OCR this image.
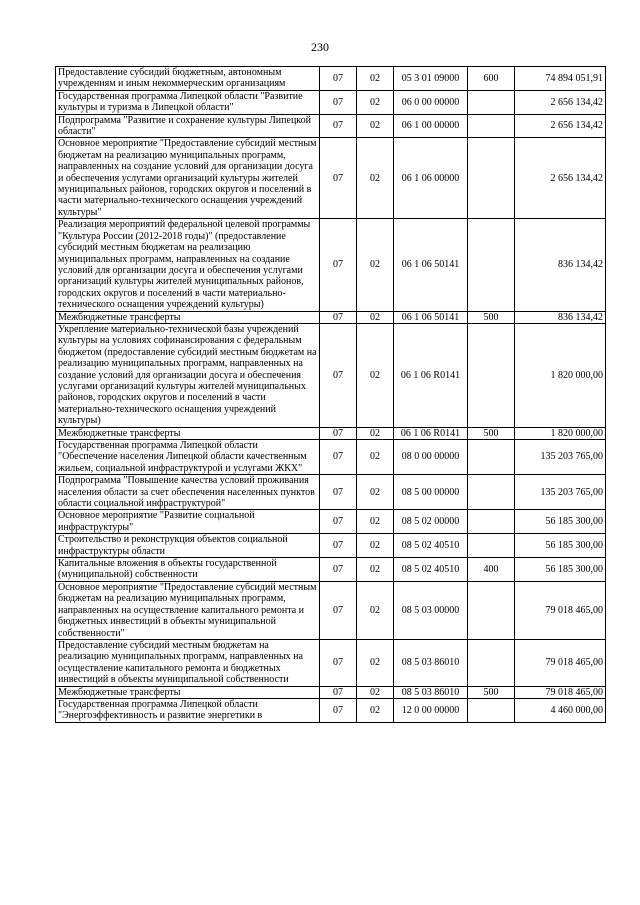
230
Предоставление субсидий бюджетным, автономным учреждениям и иным некоммерческим организациям	07	02	05 3 01 09000	600	74 894 051,91
Государственная программа Липецкой области "Развитие культуры и туризма в Липецкой области"	07	02	06 0 00 00000		2 656 134,42
Подпрограмма "Развитие и сохранение культуры Липецкой области"	07	02	06 1 00 00000		2 656 134,42
Основное мероприятие "Предоставление субсидий местным бюджетам на реализацию муниципальных программ, направленных на создание условий для организации досуга и обеспечения услугами организаций культуры жителей муниципальных районов, городских округов и поселений в части материально-технического оснащения учреждений культуры"	07	02	06 1 06 00000		2 656 134,42
Реализация мероприятий федеральной целевой программы "Культура России (2012-2018 годы)" (предоставление субсидий местным бюджетам на реализацию муниципальных программ, направленных на создание условий для организации досуга и обеспечения услугами организаций культуры жителей муниципальных районов, городских округов и поселений в части материально-технического оснащения учреждений культуры)	07	02	06 1 06 50141		836 134,42
Межбюджетные трансферты	07	02	06 1 06 50141	500	836 134,42
Укрепление материально-технической базы учреждений культуры на условиях софинансирования с федеральным бюджетом (предоставление субсидий местным бюджетам на реализацию муниципальных программ, направленных на создание условий для организации досуга и обеспечения услугами организаций культуры жителей муниципальных районов, городских округов и поселений в части материально-технического оснащения учреждений культуры)	07	02	06 1 06 R0141		1 820 000,00
Межбюджетные трансферты	07	02	06 1 06 R0141	500	1 820 000,00
Государственная программа Липецкой области "Обеспечение населения Липецкой области качественным жильем, социальной инфраструктурой и услугами ЖКХ"	07	02	08 0 00 00000		135 203 765,00
Подпрограмма "Повышение качества условий проживания населения области за счет обеспечения населенных пунктов области социальной инфраструктурой"	07	02	08 5 00 00000		135 203 765,00
Основное мероприятие "Развитие социальной инфраструктуры"	07	02	08 5 02 00000		56 185 300,00
Строительство и реконструкция объектов социальной инфраструктуры области	07	02	08 5 02 40510		56 185 300,00
Капитальные вложения в объекты государственной (муниципальной) собственности	07	02	08 5 02 40510	400	56 185 300,00
Основное мероприятие "Предоставление субсидий местным бюджетам на реализацию муниципальных программ, направленных на осуществление капитального ремонта и бюджетных инвестиций в объекты муниципальной собственности"	07	02	08 5 03 00000		79 018 465,00
Предоставление субсидий местным бюджетам на реализацию муниципальных программ, направленных на осуществление капитального ремонта и бюджетных инвестиций в объекты муниципальной собственности	07	02	08 5 03 86010		79 018 465,00
Межбюджетные трансферты	07	02	08 5 03 86010	500	79 018 465,00
Государственная программа Липецкой области "Энергоэффективность и развитие энергетики в	07	02	12 0 00 00000		4 460 000,00
